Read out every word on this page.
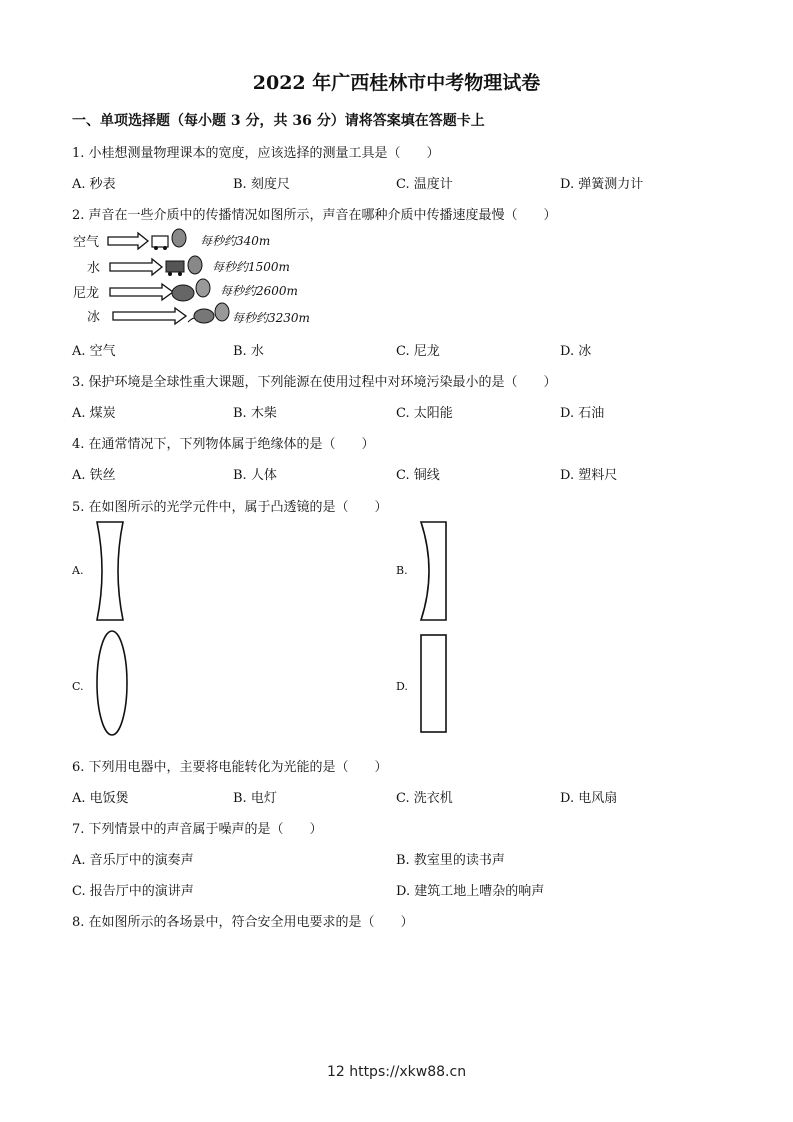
2022 年广西桂林市中考物理试卷
一、单项选择题（每小题 3 分，共 36 分）请将答案填在答题卡上
1. 小桂想测量物理课本的宽度，应该选择的测量工具是（　　）
A. 秒表	B. 刻度尺	C. 温度计	D. 弹簧测力计
2. 声音在一些介质中的传播情况如图所示，声音在哪种介质中传播速度最慢（　　）
空气
水
尼龙
冰
每秒约340m
每秒约1500m
每秒约2600m
每秒约3230m
A. 空气	B. 水	C. 尼龙	D. 冰
3. 保护环境是全球性重大课题，下列能源在使用过程中对环境污染最小的是（　　）
A. 煤炭	B. 木柴	C. 太阳能	D. 石油
4. 在通常情况下，下列物体属于绝缘体的是（　　）
A. 铁丝	B. 人体	C. 铜线	D. 塑料尺
5. 在如图所示的光学元件中，属于凸透镜的是（　　）
A.	B.
C.	D.
6. 下列用电器中，主要将电能转化为光能的是（　　）
A. 电饭煲	B. 电灯	C. 洗衣机	D. 电风扇
7. 下列情景中的声音属于噪声的是（　　）
A. 音乐厅中的演奏声	B. 教室里的读书声
C. 报告厅中的演讲声	D. 建筑工地上嘈杂的响声
8. 在如图所示的各场景中，符合安全用电要求的是（　　）
12 https://xkw88.cn
